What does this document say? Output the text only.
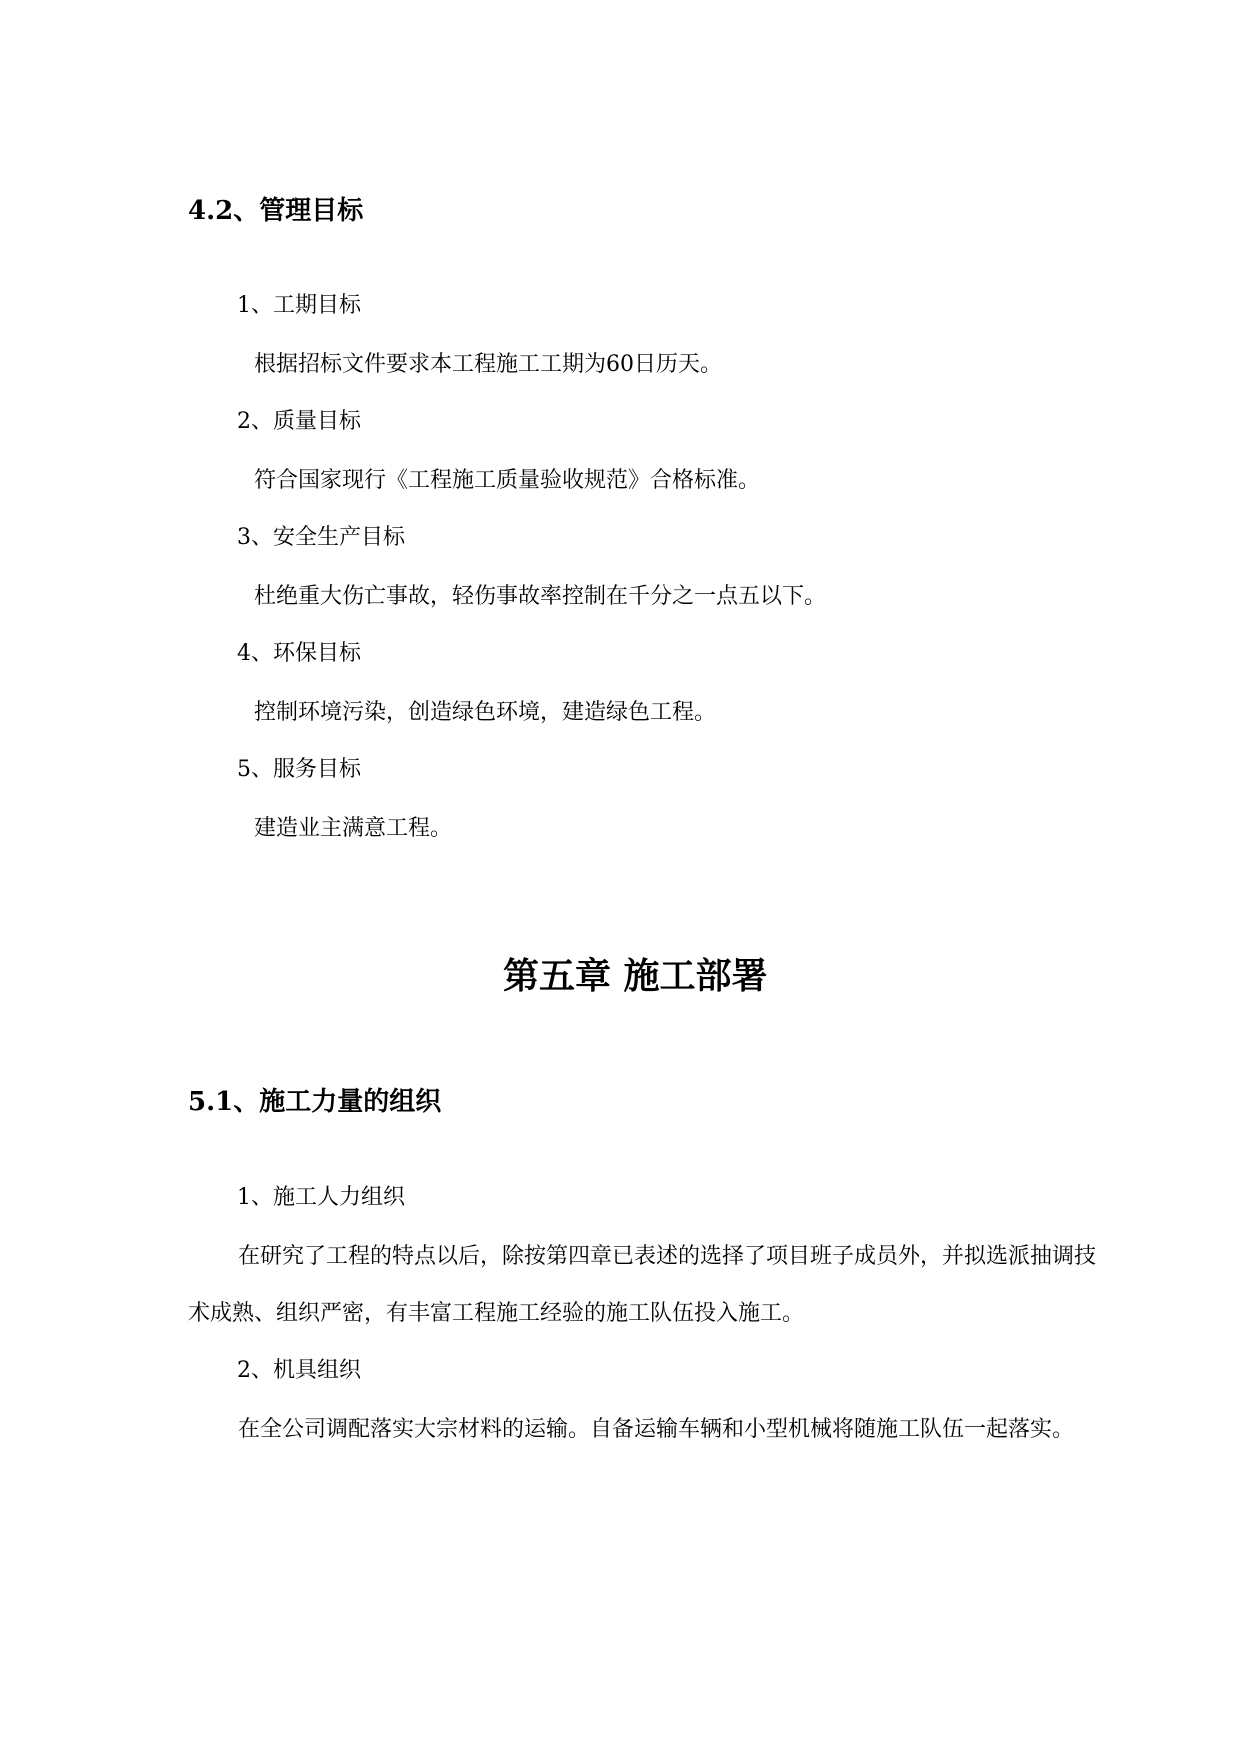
4.2、管理目标
1、工期目标
根据招标文件要求本工程施工工期为60日历天。
2、质量目标
符合国家现行《工程施工质量验收规范》合格标准。
3、安全生产目标
杜绝重大伤亡事故，轻伤事故率控制在千分之一点五以下。
4、环保目标
控制环境污染，创造绿色环境，建造绿色工程。
5、服务目标
建造业主满意工程。
第五章 施工部署
5.1、施工力量的组织
1、施工人力组织
在研究了工程的特点以后，除按第四章已表述的选择了项目班子成员外，并拟选派抽调技术成熟、组织严密，有丰富工程施工经验的施工队伍投入施工。
2、机具组织
在全公司调配落实大宗材料的运输。自备运输车辆和小型机械将随施工队伍一起落实。
